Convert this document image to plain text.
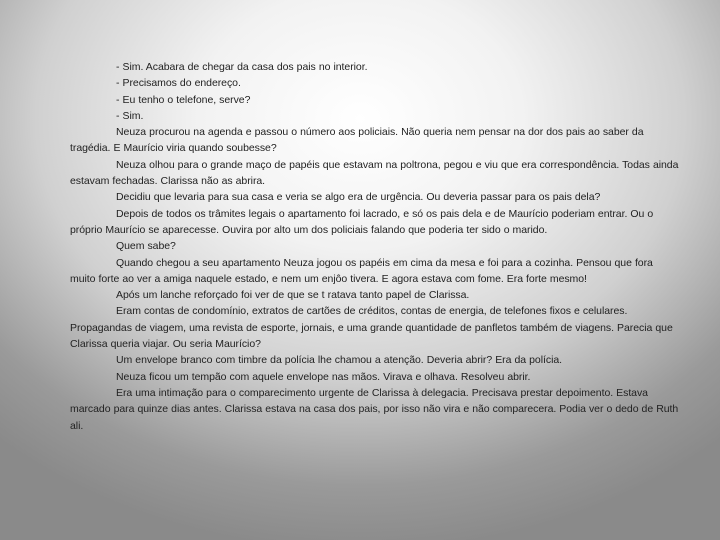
- Sim. Acabara de chegar da casa dos pais no interior.

- Precisamos do endereço.

- Eu tenho o telefone, serve?

- Sim.

Neuza procurou na agenda e passou o número aos policiais. Não queria nem pensar na dor dos pais ao saber da tragédia. E Maurício viria quando soubesse?

Neuza olhou para o grande maço de papéis que estavam na poltrona, pegou e viu que era correspondência. Todas ainda estavam fechadas. Clarissa não as abrira.

Decidiu que levaria para sua casa e veria se algo era de urgência. Ou deveria passar para os pais dela?

Depois de todos os trâmites legais o apartamento foi lacrado, e só os pais dela e de Maurício poderiam entrar. Ou o próprio Maurício se aparecesse. Ouvira por alto um dos policiais falando que poderia ter sido o marido.

Quem sabe?

Quando chegou a seu apartamento Neuza jogou os papéis em cima da mesa e foi para a cozinha. Pensou que fora muito forte ao ver a amiga naquele estado, e nem um enjôo tivera. E agora estava com fome. Era forte mesmo!

Após um lanche reforçado foi ver de que se t ratava tanto papel de Clarissa.

Eram contas de condomínio, extratos de cartões de créditos, contas de energia, de telefones fixos e celulares. Propagandas de viagem, uma revista de esporte, jornais, e uma grande quantidade de panfletos também de viagens. Parecia que Clarissa queria viajar. Ou seria Maurício?

Um envelope branco com timbre da polícia lhe chamou a atenção. Deveria abrir? Era da polícia.

Neuza ficou um tempão com aquele envelope nas mãos. Virava e olhava. Resolveu abrir.

Era uma intimação para o comparecimento urgente de Clarissa à delegacia. Precisava prestar depoimento. Estava marcado para quinze dias antes. Clarissa estava na casa dos pais, por isso não vira e não comparecera. Podia ver o dedo de Ruth ali.
